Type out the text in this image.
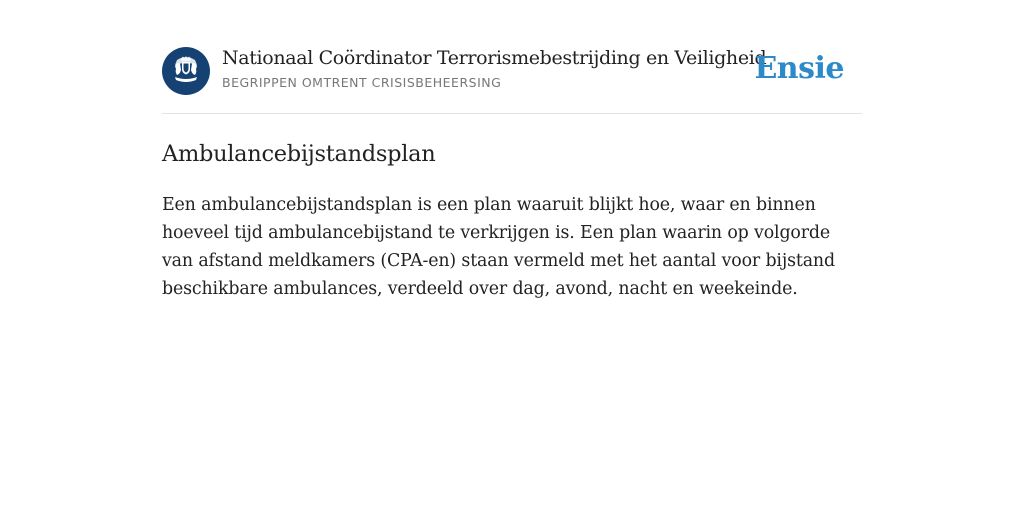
Nationaal Coördinator Terrorismebestrijding en Veiligheid
BEGRIPPEN OMTRENT CRISISBEHEERSING	Ensie
Ambulancebijstandsplan

Een ambulancebijstandsplan is een plan waaruit blijkt hoe, waar en binnen hoeveel tijd ambulancebijstand te verkrijgen is. Een plan waarin op volgorde van afstand meldkamers (CPA-en) staan vermeld met het aantal voor bijstand beschikbare ambulances, verdeeld over dag, avond, nacht en weekeinde.
